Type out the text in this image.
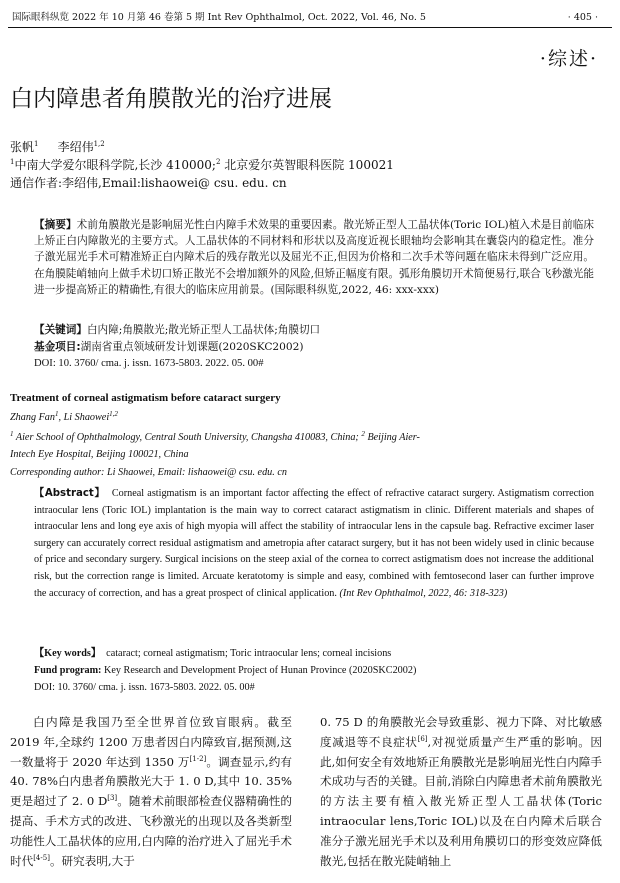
国际眼科纵览 2022 年 10 月第 46 卷第 5 期 Int Rev Ophthalmol, Oct. 2022, Vol. 46, No. 5	· 405 ·
·综述·
白内障患者角膜散光的治疗进展
张帆$^1$ 李绍伟$^{1,2}$
$^1$中南大学爱尔眼科学院,长沙 410000;$^2$ 北京爱尔英智眼科医院 100021
通信作者:李绍伟,Email:lishaowei@ csu. edu. cn
【摘要】术前角膜散光是影响屈光性白内障手术效果的重要因素。散光矫正型人工晶状体(Toric IOL)植入术是目前临床上矫正白内障散光的主要方式。人工晶状体的不同材料和形状以及高度近视长眼轴均会影响其在囊袋内的稳定性。准分子激光屈光手术可精准矫正白内障术后的残存散光以及屈光不正,但因为价格和二次手术等问题在临床未得到广泛应用。在角膜陡峭轴向上做手术切口矫正散光不会增加额外的风险,但矫正幅度有限。弧形角膜切开术简便易行,联合飞秒激光能进一步提高矫正的精确性,有很大的临床应用前景。(国际眼科纵览,2022, 46: xxx-xxx)
【关键词】白内障;角膜散光;散光矫正型人工晶状体;角膜切口
基金项目:湖南省重点领域研发计划课题(2020SKC2002)
DOI: 10. 3760/ cma. j. issn. 1673-5803. 2022. 05. 00#
Treatment of corneal astigmatism before cataract surgery
Zhang Fan$^1$, Li Shaowei$^{1,2}$
$^1$ Aier School of Ophthalmology, Central South University, Changsha 410083, China; $^2$ Beijing Aier-
Intech Eye Hospital, Beijing 100021, China
Corresponding author: Li Shaowei, Email: lishaowei@ csu. edu. cn
【Abstract】 Corneal astigmatism is an important factor affecting the effect of refractive cataract surgery. Astigmatism correction intraocular lens (Toric IOL) implantation is the main way to correct cataract astigmatism in clinic. Different materials and shapes of intraocular lens and long eye axis of high myopia will affect the stability of intraocular lens in the capsule bag. Refractive excimer laser surgery can accurately correct residual astigmatism and ametropia after cataract surgery, but it has not been widely used in clinic because of price and secondary surgery. Surgical incisions on the steep axial of the cornea to correct astigmatism does not increase the additional risk, but the correction range is limited. Arcuate keratotomy is simple and easy, combined with femtosecond laser can further improve the accuracy of correction, and has a great prospect of clinical application. (Int Rev Ophthalmol, 2022, 46: 318-323)
【Key words】 cataract; corneal astigmatism; Toric intraocular lens; corneal incisions
Fund program: Key Research and Development Project of Hunan Province (2020SKC2002)
DOI: 10. 3760/ cma. j. issn. 1673-5803. 2022. 05. 00#
白内障是我国乃至全世界首位致盲眼病。截至 2019 年,全球约 1200 万患者因白内障致盲,据预测,这一数量将于 2020 年达到 1350 万[1-2]。调查显示,约有 40. 78%白内患者角膜散光大于 1. 0 D,其中 10. 35%更是超过了 2. 0 D[3]。随着术前眼部检查仪器精确性的提高、手术方式的改进、飞秒激光的出现以及各类新型功能性人工晶状体的应用,白内障的治疗进入了屈光手术时代[4-5]。研究表明,大于
0. 75 D 的角膜散光会导致重影、视力下降、对比敏感度减退等不良症状[6],对视觉质量产生严重的影响。因此,如何安全有效地矫正角膜散光是影响屈光性白内障手术成功与否的关键。目前,消除白内障患者术前角膜散光的方法主要有植入散光矫正型人工晶状体(Toric intraocular lens,Toric IOL)以及在白内障术后联合准分子激光屈光手术以及利用角膜切口的形变效应降低散光,包括在散光陡峭轴上
